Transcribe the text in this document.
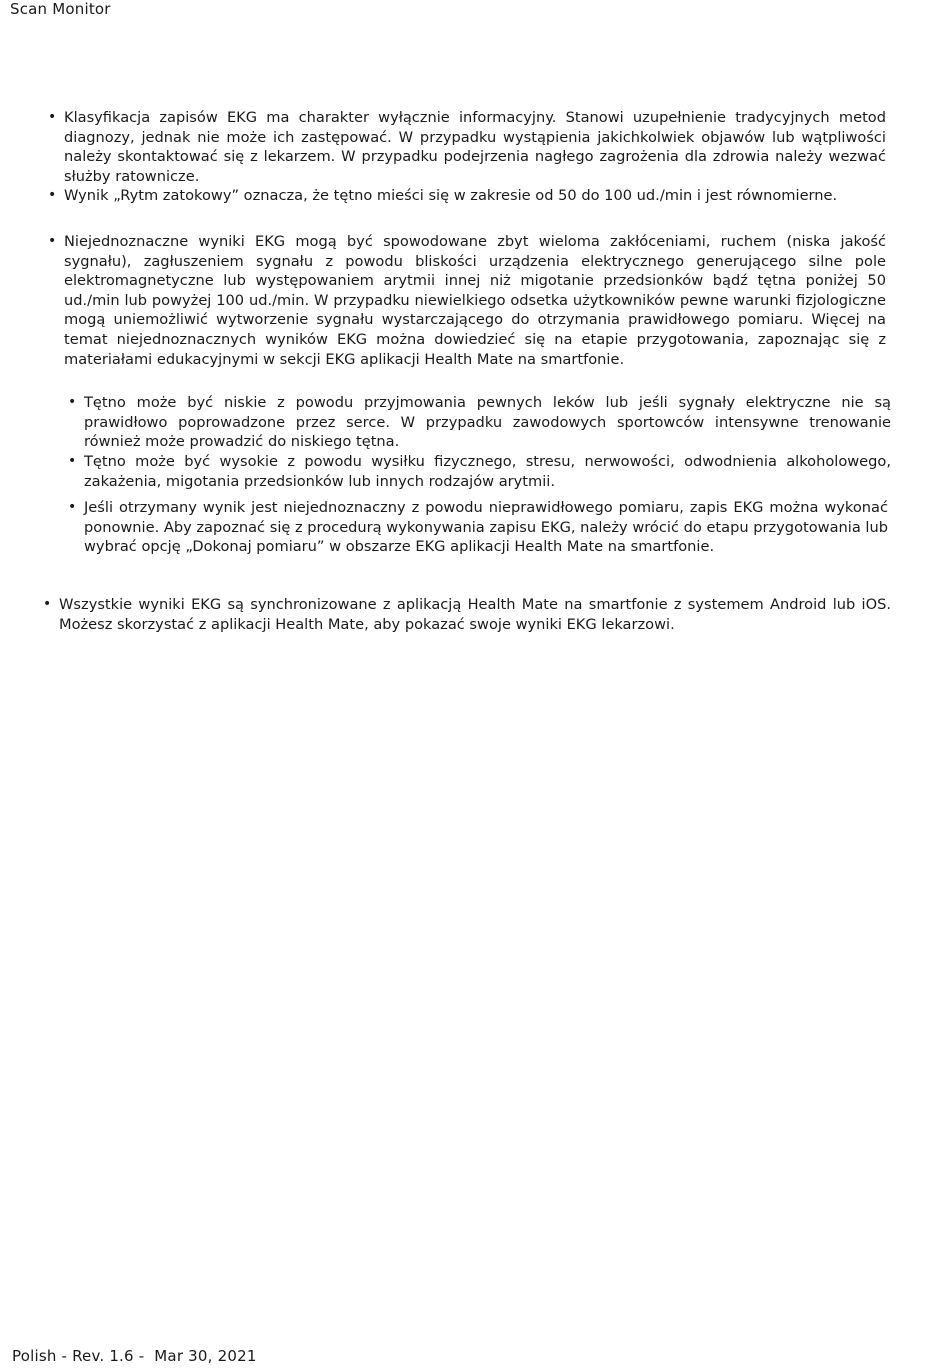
Scan Monitor
• Klasyfikacja zapisów EKG ma charakter wyłącznie informacyjny. Stanowi uzupełnienie tradycyjnych metod diagnozy, jednak nie może ich zastępować. W przypadku wystąpienia jakichkolwiek objawów lub wątpliwości należy skontaktować się z lekarzem. W przypadku podejrzenia nagłego zagrożenia dla zdrowia należy wezwać służby ratownicze.
• Wynik „Rytm zatokowy” oznacza, że tętno mieści się w zakresie od 50 do 100 ud./min i jest równomierne.
• Niejednoznaczne wyniki EKG mogą być spowodowane zbyt wieloma zakłóceniami, ruchem (niska jakość sygnału), zagłuszeniem sygnału z powodu bliskości urządzenia elektrycznego generującego silne pole elektromagnetyczne lub występowaniem arytmii innej niż migotanie przedsionków bądź tętna poniżej 50 ud./min lub powyżej 100 ud./min. W przypadku niewielkiego odsetka użytkowników pewne warunki fizjologiczne mogą uniemożliwić wytworzenie sygnału wystarczającego do otrzymania prawidłowego pomiaru. Więcej na temat niejednoznacznych wyników EKG można dowiedzieć się na etapie przygotowania, zapoznając się z materiałami edukacyjnymi w sekcji EKG aplikacji Health Mate na smartfonie.
• Tętno może być niskie z powodu przyjmowania pewnych leków lub jeśli sygnały elektryczne nie są prawidłowo poprowadzone przez serce. W przypadku zawodowych sportowców intensywne trenowanie również może prowadzić do niskiego tętna.
• Tętno może być wysokie z powodu wysiłku fizycznego, stresu, nerwowości, odwodnienia alkoholowego, zakażenia, migotania przedsionków lub innych rodzajów arytmii.
• Jeśli otrzymany wynik jest niejednoznaczny z powodu nieprawidłowego pomiaru, zapis EKG można wykonać ponownie. Aby zapoznać się z procedurą wykonywania zapisu EKG, należy wrócić do etapu przygotowania lub wybrać opcję „Dokonaj pomiaru” w obszarze EKG aplikacji Health Mate na smartfonie.
• Wszystkie wyniki EKG są synchronizowane z aplikacją Health Mate na smartfonie z systemem Android lub iOS. Możesz skorzystać z aplikacji Health Mate, aby pokazać swoje wyniki EKG lekarzowi.
Polish - Rev. 1.6 -  Mar 30, 2021
